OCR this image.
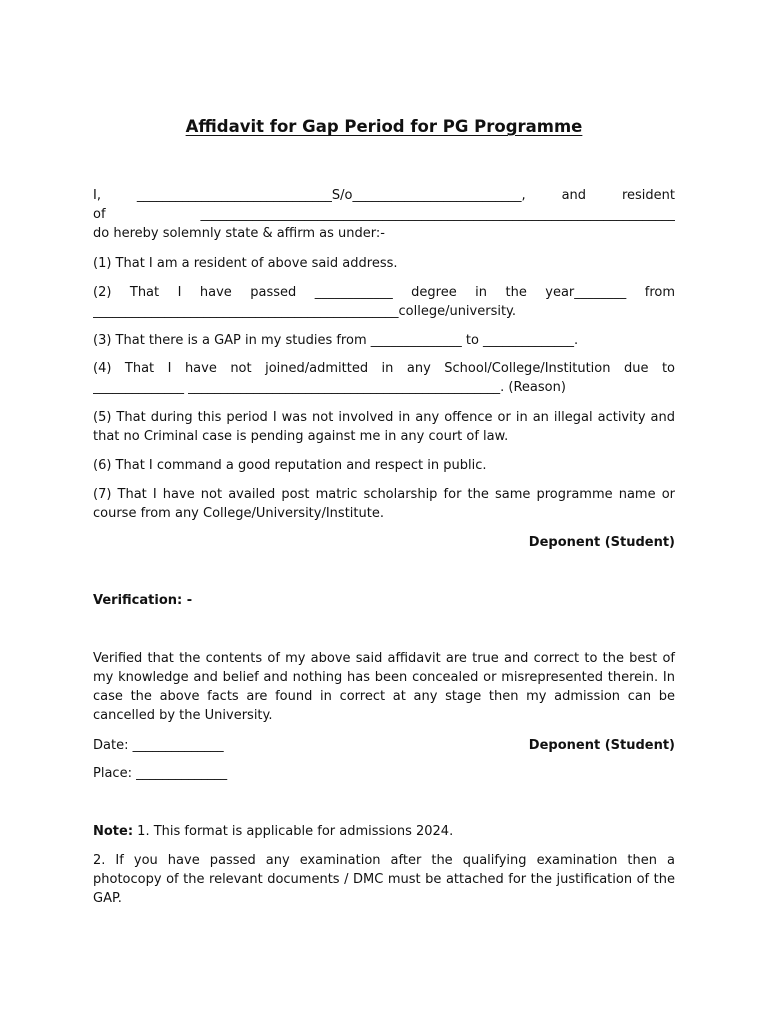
Affidavit for Gap Period for PG Programme
I, ______________________________S/o__________________________, and resident
of _________________________________________________________________________
do hereby solemnly state & affirm as under:-
(1) That I am a resident of above said address.
(2) That I have passed ____________ degree in the year________ from
_______________________________________________college/university.
(3) That there is a GAP in my studies from ______________ to ______________.
(4) That I have not joined/admitted in any School/College/Institution due to
______________ ________________________________________________. (Reason)
(5) That during this period I was not involved in any offence or in an illegal activity and that no Criminal case is pending against me in any court of law.
(6) That I command a good reputation and respect in public.
(7) That I have not availed post matric scholarship for the same programme name or course from any College/University/Institute.
Deponent (Student)
Verification: -
Verified that the contents of my above said affidavit are true and correct to the best of my knowledge and belief and nothing has been concealed or misrepresented therein. In case the above facts are found in correct at any stage then my admission can be cancelled by the University.
Date: ______________	Deponent (Student)
Place: ______________
Note: 1. This format is applicable for admissions 2024.
2. If you have passed any examination after the qualifying examination then a photocopy of the relevant documents / DMC must be attached for the justification of the GAP.
